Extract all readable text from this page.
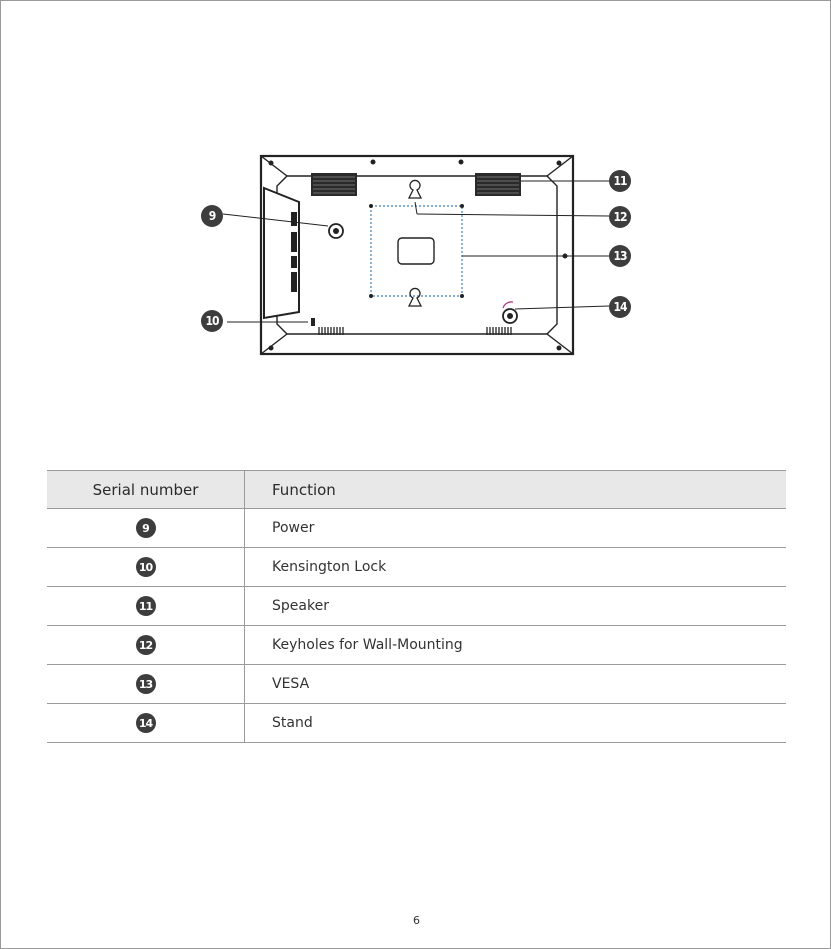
9
10
11
12
13
14
Serial number	Function
9	Power
10	Kensington Lock
11	Speaker
12	Keyholes for Wall-Mounting
13	VESA
14	Stand
6
